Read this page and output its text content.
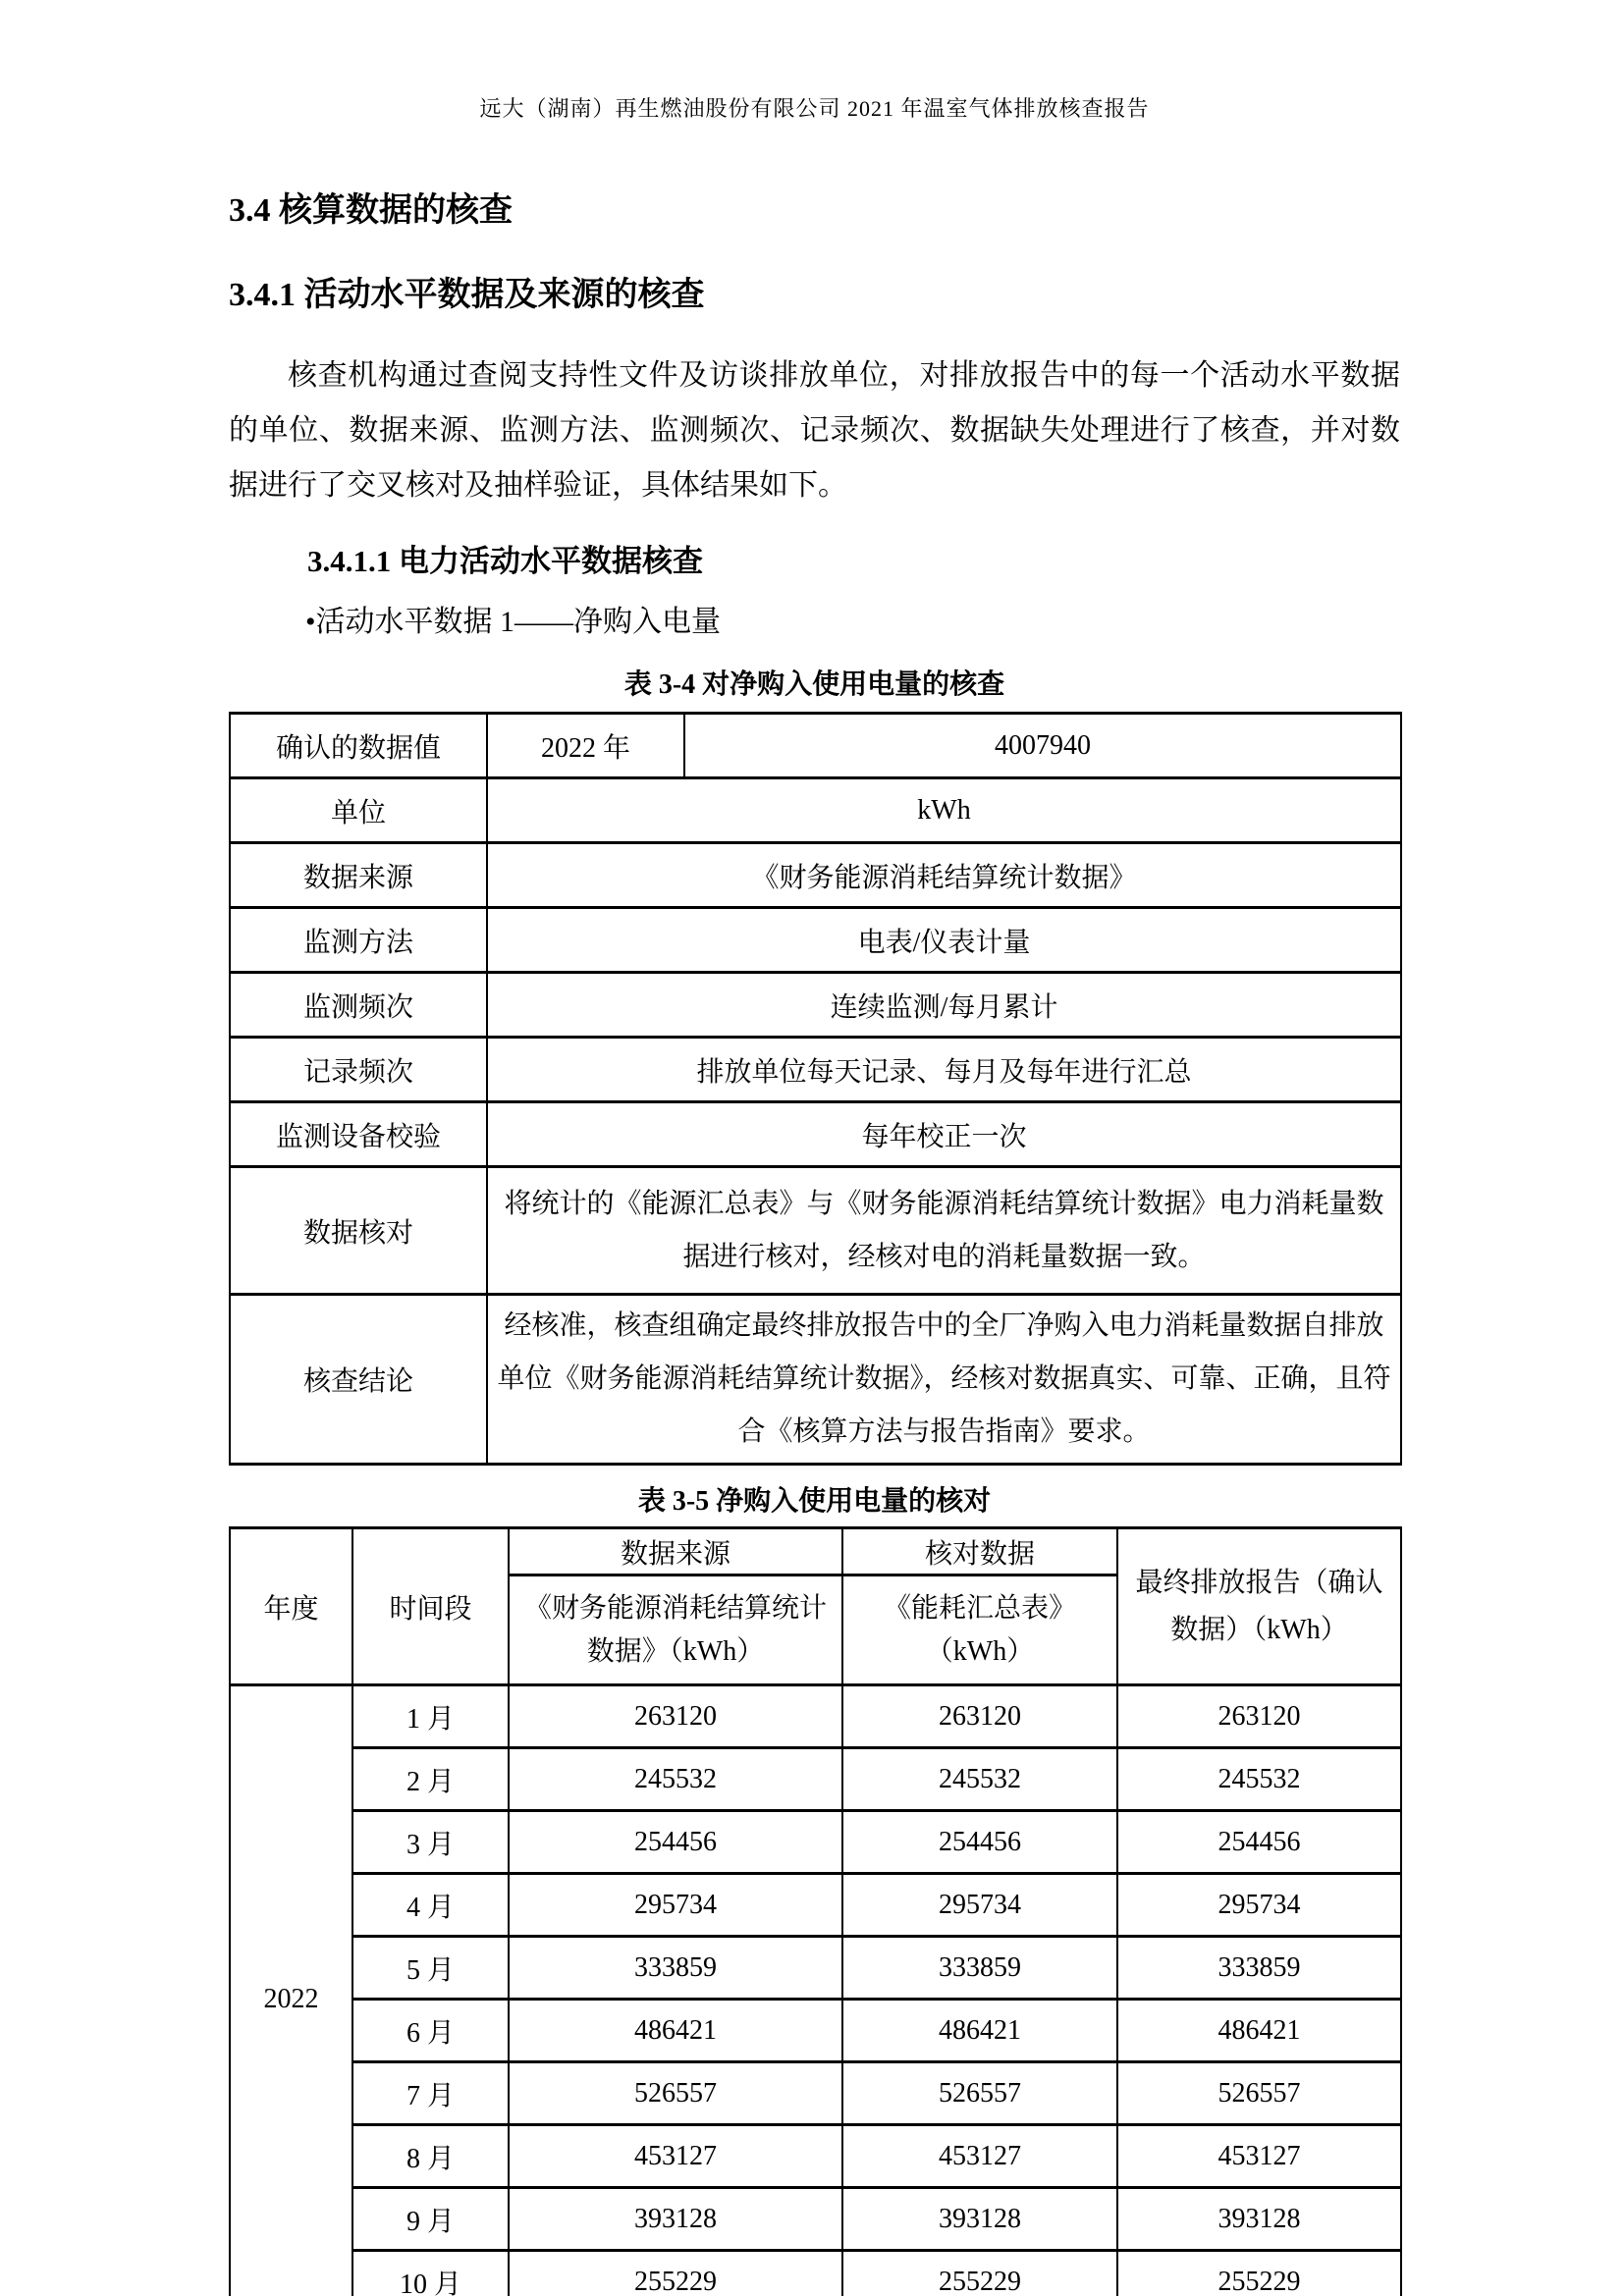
远大（湖南）再生燃油股份有限公司 2021 年温室气体排放核查报告
3.4 核算数据的核查
3.4.1 活动水平数据及来源的核查
核查机构通过查阅支持性文件及访谈排放单位，对排放报告中的每一个活动水平数据的单位、数据来源、监测方法、监测频次、记录频次、数据缺失处理进行了核查，并对数据进行了交叉核对及抽样验证，具体结果如下。
3.4.1.1 电力活动水平数据核查
•活动水平数据 1——净购入电量
表 3-4 对净购入使用电量的核查
确认的数据值	2022 年	4007940
单位	kWh	
数据来源	《财务能源消耗结算统计数据》	
监测方法	电表/仪表计量	
监测频次	连续监测/每月累计	
记录频次	排放单位每天记录、每月及每年进行汇总	
监测设备校验	每年校正一次	
数据核对	将统计的《能源汇总表》与《财务能源消耗结算统计数据》电力消耗量数据进行核对，经核对电的消耗量数据一致。	
核查结论	经核准，核查组确定最终排放报告中的全厂净购入电力消耗量数据自排放单位《财务能源消耗结算统计数据》，经核对数据真实、可靠、正确，且符合《核算方法与报告指南》要求。	
表 3-5 净购入使用电量的核对
年度	时间段	数据来源	核对数据	最终排放报告（确认数据）（kWh）
		《财务能源消耗结算统计数据》（kWh）	《能耗汇总表》（kWh）	
2022	1 月	263120	263120	263120
	2 月	245532	245532	245532
	3 月	254456	254456	254456
	4 月	295734	295734	295734
	5 月	333859	333859	333859
	6 月	486421	486421	486421
	7 月	526557	526557	526557
	8 月	453127	453127	453127
	9 月	393128	393128	393128
	10 月	255229	255229	255229
